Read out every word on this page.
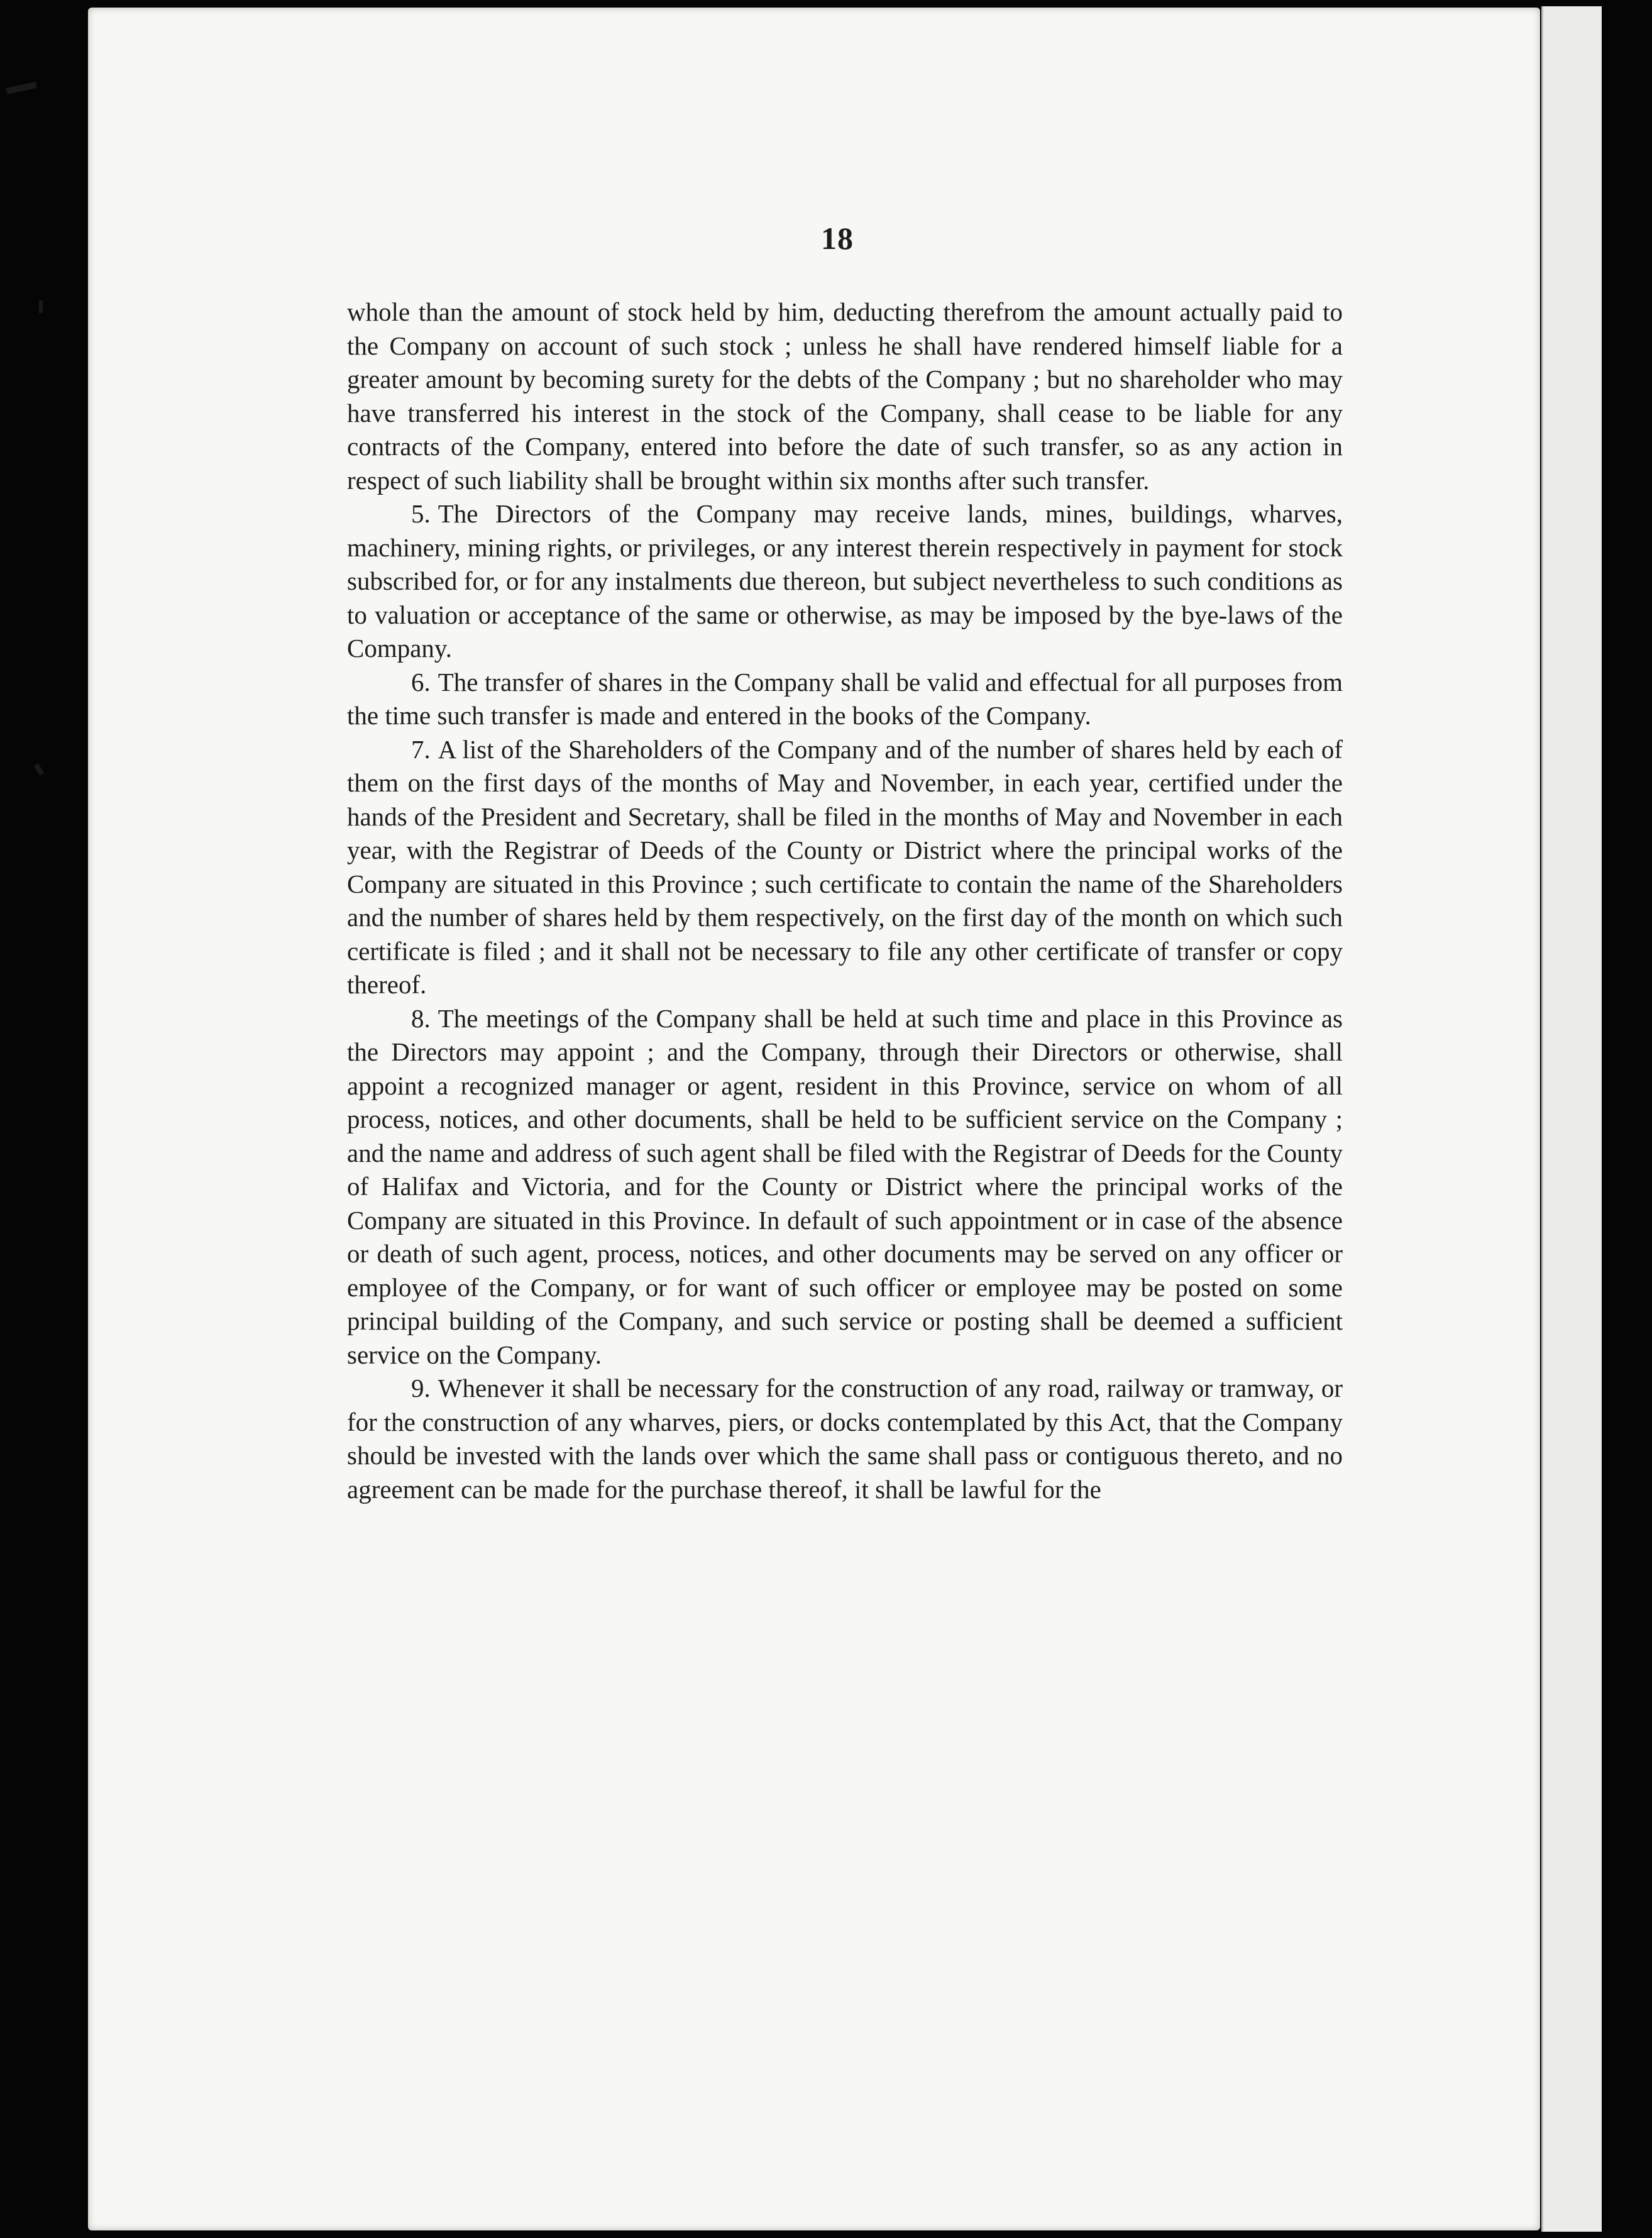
18

whole than the amount of stock held by him, deducting therefrom the amount actually paid to the Company on account of such stock ; unless he shall have rendered himself liable for a greater amount by becoming surety for the debts of the Company ; but no shareholder who may have transferred his interest in the stock of the Company, shall cease to be liable for any contracts of the Company, entered into before the date of such transfer, so as any action in respect of such liability shall be brought within six months after such transfer.

5. The Directors of the Company may receive lands, mines, buildings, wharves, machinery, mining rights, or privileges, or any interest therein respectively in payment for stock subscribed for, or for any instalments due thereon, but subject nevertheless to such conditions as to valuation or acceptance of the same or otherwise, as may be imposed by the bye-laws of the Company.

6. The transfer of shares in the Company shall be valid and effectual for all purposes from the time such transfer is made and entered in the books of the Company.

7. A list of the Shareholders of the Company and of the number of shares held by each of them on the first days of the months of May and November, in each year, certified under the hands of the President and Secretary, shall be filed in the months of May and November in each year, with the Registrar of Deeds of the County or District where the principal works of the Company are situated in this Province ; such certificate to contain the name of the Shareholders and the number of shares held by them respectively, on the first day of the month on which such certificate is filed ; and it shall not be necessary to file any other certificate of transfer or copy thereof.

8. The meetings of the Company shall be held at such time and place in this Province as the Directors may appoint ; and the Company, through their Directors or otherwise, shall appoint a recognized manager or agent, resident in this Province, service on whom of all process, notices, and other documents, shall be held to be sufficient service on the Company ; and the name and address of such agent shall be filed with the Registrar of Deeds for the County of Halifax and Victoria, and for the County or District where the principal works of the Company are situated in this Province. In default of such appointment or in case of the absence or death of such agent, process, notices, and other documents may be served on any officer or employee of the Company, or for want of such officer or employee may be posted on some principal building of the Company, and such service or posting shall be deemed a sufficient service on the Company.

9. Whenever it shall be necessary for the construction of any road, railway or tramway, or for the construction of any wharves, piers, or docks contemplated by this Act, that the Company should be invested with the lands over which the same shall pass or contiguous thereto, and no agreement can be made for the purchase thereof, it shall be lawful for the
